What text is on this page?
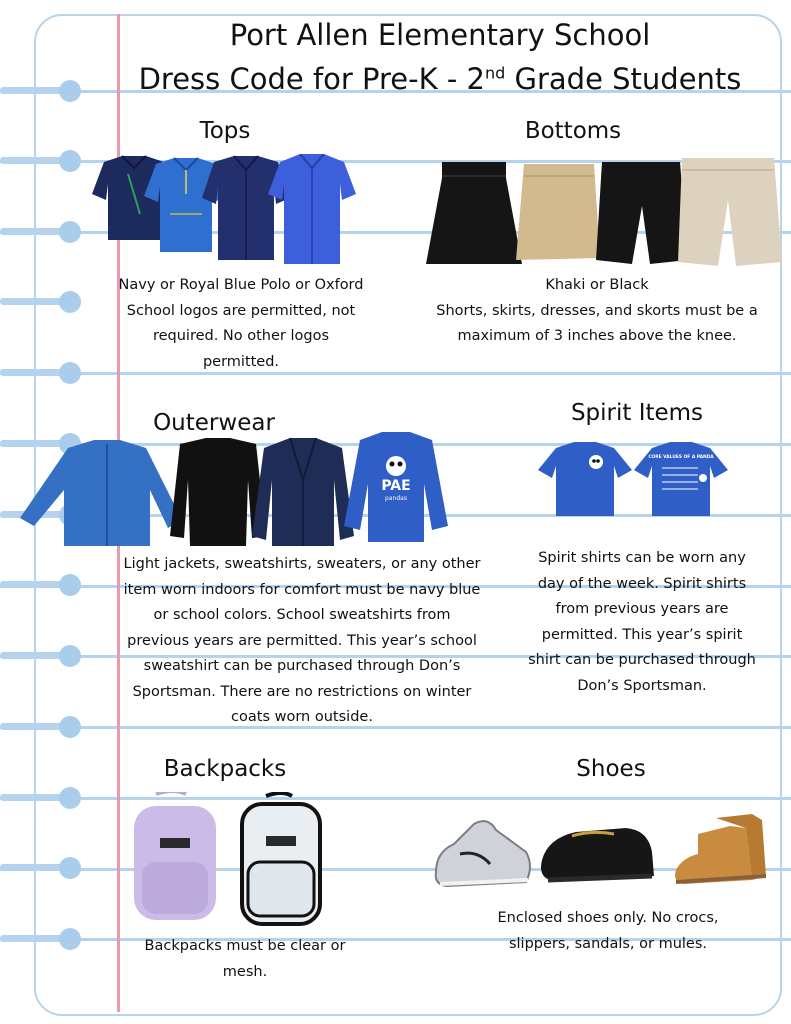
Port Allen Elementary School
Dress Code for Pre-K - 2nd Grade Students
Tops
Navy or Royal Blue Polo or Oxford
School logos are permitted, not
required. No other logos
permitted.
Bottoms
Khaki or Black
Shorts, skirts, dresses, and skorts must be a
maximum of 3 inches above the knee.
Outerwear
PAE
pandas
Light jackets, sweatshirts, sweaters, or any other
item worn indoors for comfort must be navy blue
or school colors. School sweatshirts from
previous years are permitted. This year’s school
sweatshirt can be purchased through Don’s
Sportsman. There are no restrictions on winter
coats worn outside.
Spirit Items
CORE VALUES OF A PANDA
Spirit shirts can be worn any
day of the week. Spirit shirts
from previous years are
permitted. This year’s spirit
shirt can be purchased through
Don’s Sportsman.
Backpacks
Backpacks must be clear or
mesh.
Shoes
Enclosed shoes only. No crocs,
slippers, sandals, or mules.
